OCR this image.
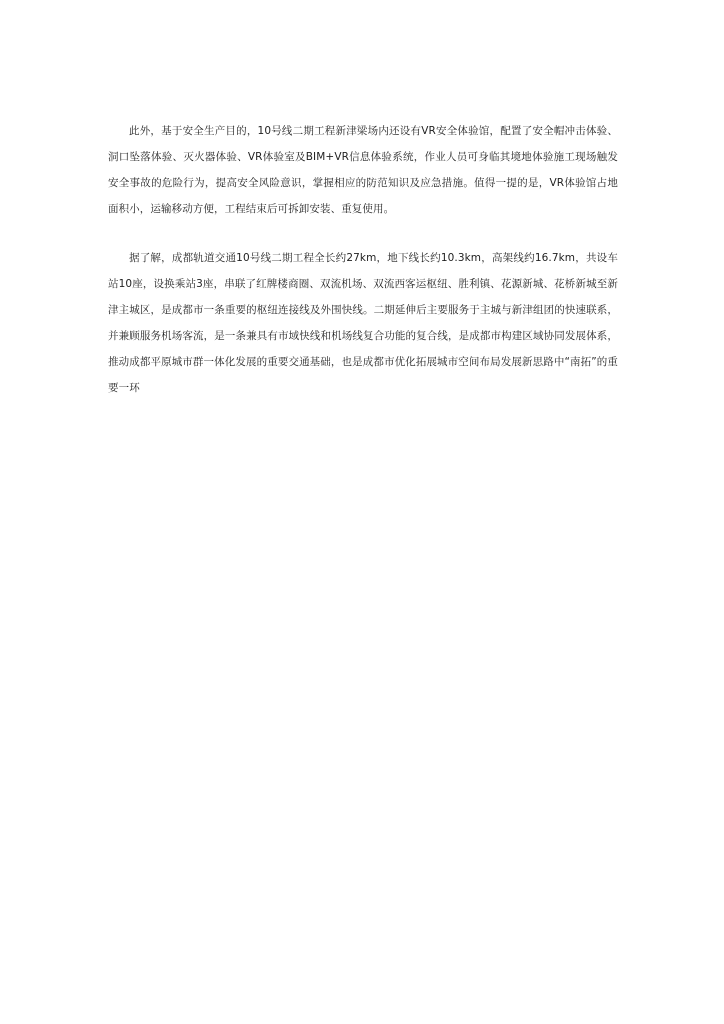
此外，基于安全生产目的，10号线二期工程新津梁场内还设有VR安全体验馆，配置了安全帽冲击体验、洞口坠落体验、灭火器体验、VR体验室及BIM+VR信息体验系统，作业人员可身临其境地体验施工现场触发安全事故的危险行为，提高安全风险意识，掌握相应的防范知识及应急措施。值得一提的是，VR体验馆占地面积小，运输移动方便，工程结束后可拆卸安装、重复使用。

据了解，成都轨道交通10号线二期工程全长约27km，地下线长约10.3km，高架线约16.7km，共设车站10座，设换乘站3座，串联了红牌楼商圈、双流机场、双流西客运枢纽、胜利镇、花源新城、花桥新城至新津主城区，是成都市一条重要的枢纽连接线及外围快线。二期延伸后主要服务于主城与新津组团的快速联系，并兼顾服务机场客流，是一条兼具有市域快线和机场线复合功能的复合线，是成都市构建区域协同发展体系，推动成都平原城市群一体化发展的重要交通基础，也是成都市优化拓展城市空间布局发展新思路中“南拓”的重要一环
